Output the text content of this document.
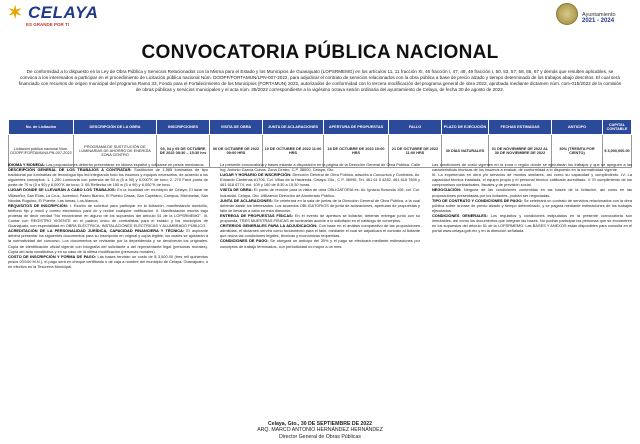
✶ CELAYA
ES GRANDE POR TI
Ayuntamiento
2021 - 2024
CONVOCATORIA PÚBLICA NACIONAL
De conformidad a lo dispuesto en la Ley de Obra Pública y Servicios Relacionados con la Misma para el Estado y los Municipios de Guanajuato (LOPSRMEMG) en los artículos 11, 11 fracción XI, 46 fracción I, 47, 48, 49 fracción I, 50, 53, 57, 58, 65, 67 y demás que resulten aplicables, se convoca a los interesados a participar en el procedimiento de Licitación pública nacional Núm. DOOPF/FORTAMUN/LPN-007-2022, para adjudicar el contrato de servicios relacionados con la obra pública a base de precio alzado y tiempo determinado de los trabajos abajo descritos. El cual será financiado con recursos de origen municipal del programa Ramo 33, Fondo para el Fortalecimiento de los Municipios (FORTAMUN) 2022, autorizados de conformidad con lo tercera modificación del programa general de obra 2022, aprobada mediante dictamen núm. com-015/2022 de la comisión de obras públicas y servicios municipales y el acta núm. 35/2022 correspondiente a la vigésimo octava sesión ordinaria del ayuntamiento de Celaya, de fecha 30 de agosto de 2022.
No. de Licitación	DESCRIPCIÓN DE LA OBRA	INSCRIPCIONES	VISITA DE OBRA	JUNTA DE ACLARACIONES	APERTURA DE PROPUESTAS	FALLO	PLAZO DE EJECUCIÓN	FECHAS ESTIMADAS	ANTICIPO	CAPITAL CONTABLE
Licitación pública nacional Núm. DOOPF/FORTAMUN/LPN-007-2022	PROGRAMA DE SUSTITUCIÓN DE LUMINARIAS DE AHORRO DE ENERGÍA ZONA CENTRO	03, 04 y 05 DE OCTUBRE DE 2022 08:30 – 15:30 hrs	06 DE OCTUBRE DE 2022 09:00 HRS	10 DE OCTUBRE DE 2022 11:00 HRS	18 DE OCTUBRE DE 2022 10:00 HRS	21 DE OCTUBRE DE 2022 11:00 HRS	30 DÍAS NATURALES	01 DE NOVIEMBRE DE 2022 AL 30 DE NOVIEMBRE DE 2022	30% (TREINTA POR CIENTO)	$ 3,000,000.00

IDIOMA Y MONEDA: Las proposiciones deberán presentarse en idioma español y cotizarse en pesos mexicanos.

DESCRIPCIÓN GENERAL DE LOS TRABAJOS A CONTRATAR: Sustitución de 1,585 luminarias de tipo tradicional por luminarias de tecnología tipo led integrando todo los insumos y equipos necesarios, de acuerdo a los siguientes conceptos: 1. 1,250 Luminaria con potencia de 50 w (5 a 90) y 6,000°K de tono; 2. 270 Farol punta de poste de 70 w (5 a 90) y 6,000°K de tono; 3. 65 Reflector de 150 w (5 a 90) y 6,000°K de tono.

LUGAR DONDE SE LLEVARÁN A CABO LOS TRABAJOS: En la localidad de: municipio de Celaya, El lazar de Villaseñor, San Elías, La Cruz, Juventud, Paseo Blanco, El Puesto Casas, San Cayetano, Campos, Michinelas, San Nicolás Ruguino, El Puente, Las lomas, Los Alamos.

REQUISITOS DE INSCRIPCIÓN: I. Escrito de solicitud para participar en la licitación, manifestando domicilio, teléfono fijo y móvil y correo electrónico para oír y recibir cualquier notificación. II. Manifestación escrita bajo protesta de decir verdad "No encontrarse en alguno de los supuestos del artículo 51 de la LOPSRMEMG". III. Contar con REGISTRO VIGENTE en el padrón único de contratistas para el estado y los municipios de Guanajuato, con especialidad en OBRA ELÉCTRICA, INSTALACIONES ELÉCTRICAS Y ALUMBRADO PÚBLICO.

ACREDITACIÓN DE LA PERSONALIDAD JURÍDICA, CAPACIDAD FINANCIERA Y TÉCNICA: El aspirante deberá presentar los siguientes documentos para su inscripción en original y copia legible, los cuales se ajustarán a la normatividad del concurso. Los documentos se revisarán por la dependencia y se devolverán los originales. Copia de identificación oficial vigente con fotografía del solicitante o del representante legal (personas morales). Copia del acta constitutiva y en su caso de la última modificación (personas morales).

COSTO DE INSCRIPCIÓN Y FORMA DE PAGO: Las bases tendrán un costo de $ 3,500.00 (tres mil quinientos pesos 00/100 M.N.), el pago será en cheque certificado o de caja a nombre del municipio de Celaya, Guanajuato, o en efectivo en la Tesorería Municipal.

La presente convocatoria y bases estarán a disposición en la página de la Dirección General de Obra Pública. Calle Ing. Antonio García Cubas, Zona Centro, C.P. 38000, Celaya, Gto.

LUGAR Y HORARIO DE INSCRIPCIÓN: Dirección General de Obra Pública, adscrita a Concursos y Contratos, Av. Eduardo Cárdenas #1706, Col. Villas de la Hacienda, Celaya, Gto., C.P. 38095, Tel. 461 61 5 4282, 461 618 7809 y 461 618 6774, ext. 109 y 160 de 8:30 a 15:30 horas.

VISITA DE OBRA: El punto de reunión para la visita de obra OBLIGATORIA es: Av. Ignacio Borunda 106, col. Col. Industrial, Celaya, Gto. Utilizando Dirección de Alumbrado Público.

JUNTA DE ACLARACIONES: Se celebrará en la sala de juntas de la Dirección General de Obra Pública, a la cual deberán asistir los interesados. Los acuerdos OBLIGATORIOS de junta de aclaraciones, aperturas de propuestas y fallo se llevarán a cabo en esta dirección.

ENTREGA DE PROPUESTAS FÍSICAS: En el evento de apertura se licitarán, deberán entregar junto con su propuesta, TRES MUESTRAS FÍSICAS de luminarias acorde a lo solicitado en el catálogo de conceptos.

CRITERIOS GENERALES PARA LA ADJUDICACIÓN: Con base en el análisis comparativo de las proposiciones admitidas, el dictamen servirá como fundamento para el fallo, mediante el cual se adjudicará el contrato al licitante que reúna las condiciones legales, técnicas y económicas requeridas.

CONDICIONES DE PAGO: Se otorgará un anticipo del 30% y el pago se efectuará mediante estimaciones por conceptos de trabajo terminados, con periodicidad no mayor a un mes.

Las condiciones de costo vigentes en la zona o región donde se ejecutarán los trabajos y que se apeguen a las características técnicas de los insumos a evaluar, de conformidad a lo dispuesto en la normatividad vigente.

III. La experiencia en obra y/o servicios de montos similares, así como su capacidad y cumplimiento. IV. La capacidad técnica instalada, el equipo propio y el personal técnico calificado acreditado. V. El cumplimiento de los compromisos contractuales, fiscales y de previsión social.

NEGOCIACIÓN: Ninguna de las condiciones contenidas en las bases de la licitación, así como en las proposiciones presentadas por los licitantes, podrán ser negociadas.

TIPO DE CONTRATO Y CONDICIONES DE PAGO: Se celebrará un contrato de servicios relacionados con la obra pública sobre la base de precio alzado y tiempo determinado, y se pagará mediante estimaciones de los trabajos ejecutados.

CONDICIONES GENERALES: Los requisitos y condiciones estipulados en la presente convocatoria son inmutables, así como los documentos que integran las bases. No podrán participar las personas que se encuentren en los supuestos del artículo 51 de la LOPSRMEMG. Las BASES Y ANEXOS están disponibles para consulta en el portal www.celaya.gob.mx y en la dirección señalada.

Celaya, Gto., 30 DE SEPTIEMBRE DE 2022
ARQ. MARCO ANTONIO HERNÁNDEZ HERNÁNDEZ
Director General de Obras Públicas
